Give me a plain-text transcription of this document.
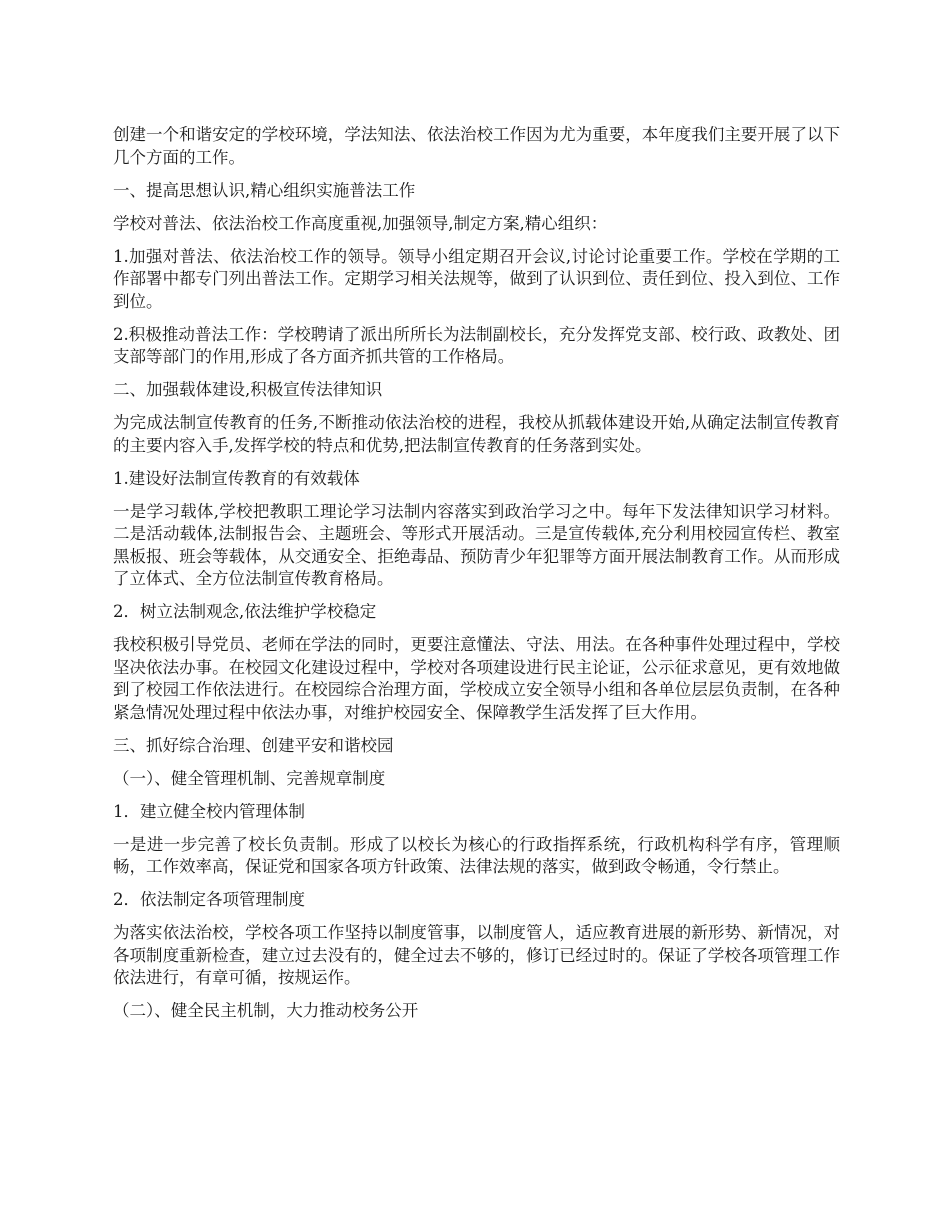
创建一个和谐安定的学校环境，学法知法、依法治校工作因为尤为重要，本年度我们主要开展了以下几个方面的工作。

一、提高思想认识,精心组织实施普法工作

学校对普法、依法治校工作高度重视,加强领导,制定方案,精心组织：

1.加强对普法、依法治校工作的领导。领导小组定期召开会议,讨论讨论重要工作。学校在学期的工作部署中都专门列出普法工作。定期学习相关法规等，做到了认识到位、责任到位、投入到位、工作到位。

2.积极推动普法工作：学校聘请了派出所所长为法制副校长，充分发挥党支部、校行政、政教处、团支部等部门的作用,形成了各方面齐抓共管的工作格局。

二、加强载体建设,积极宣传法律知识

为完成法制宣传教育的任务,不断推动依法治校的进程，我校从抓载体建设开始,从确定法制宣传教育的主要内容入手,发挥学校的特点和优势,把法制宣传教育的任务落到实处。

1.建设好法制宣传教育的有效载体

一是学习载体,学校把教职工理论学习法制内容落实到政治学习之中。每年下发法律知识学习材料。二是活动载体,法制报告会、主题班会、等形式开展活动。三是宣传载体,充分利用校园宣传栏、教室黑板报、班会等载体，从交通安全、拒绝毒品、预防青少年犯罪等方面开展法制教育工作。从而形成了立体式、全方位法制宣传教育格局。

2．树立法制观念,依法维护学校稳定

我校积极引导党员、老师在学法的同时，更要注意懂法、守法、用法。在各种事件处理过程中，学校坚决依法办事。在校园文化建设过程中，学校对各项建设进行民主论证，公示征求意见，更有效地做到了校园工作依法进行。在校园综合治理方面，学校成立安全领导小组和各单位层层负责制，在各种紧急情况处理过程中依法办事，对维护校园安全、保障教学生活发挥了巨大作用。

三、抓好综合治理、创建平安和谐校园

（一）、健全管理机制、完善规章制度

1．建立健全校内管理体制

一是进一步完善了校长负责制。形成了以校长为核心的行政指挥系统，行政机构科学有序，管理顺畅，工作效率高，保证党和国家各项方针政策、法律法规的落实，做到政令畅通，令行禁止。

2．依法制定各项管理制度

为落实依法治校，学校各项工作坚持以制度管事，以制度管人，适应教育进展的新形势、新情况，对各项制度重新检查，建立过去没有的，健全过去不够的，修订已经过时的。保证了学校各项管理工作依法进行，有章可循，按规运作。

（二）、健全民主机制，大力推动校务公开
